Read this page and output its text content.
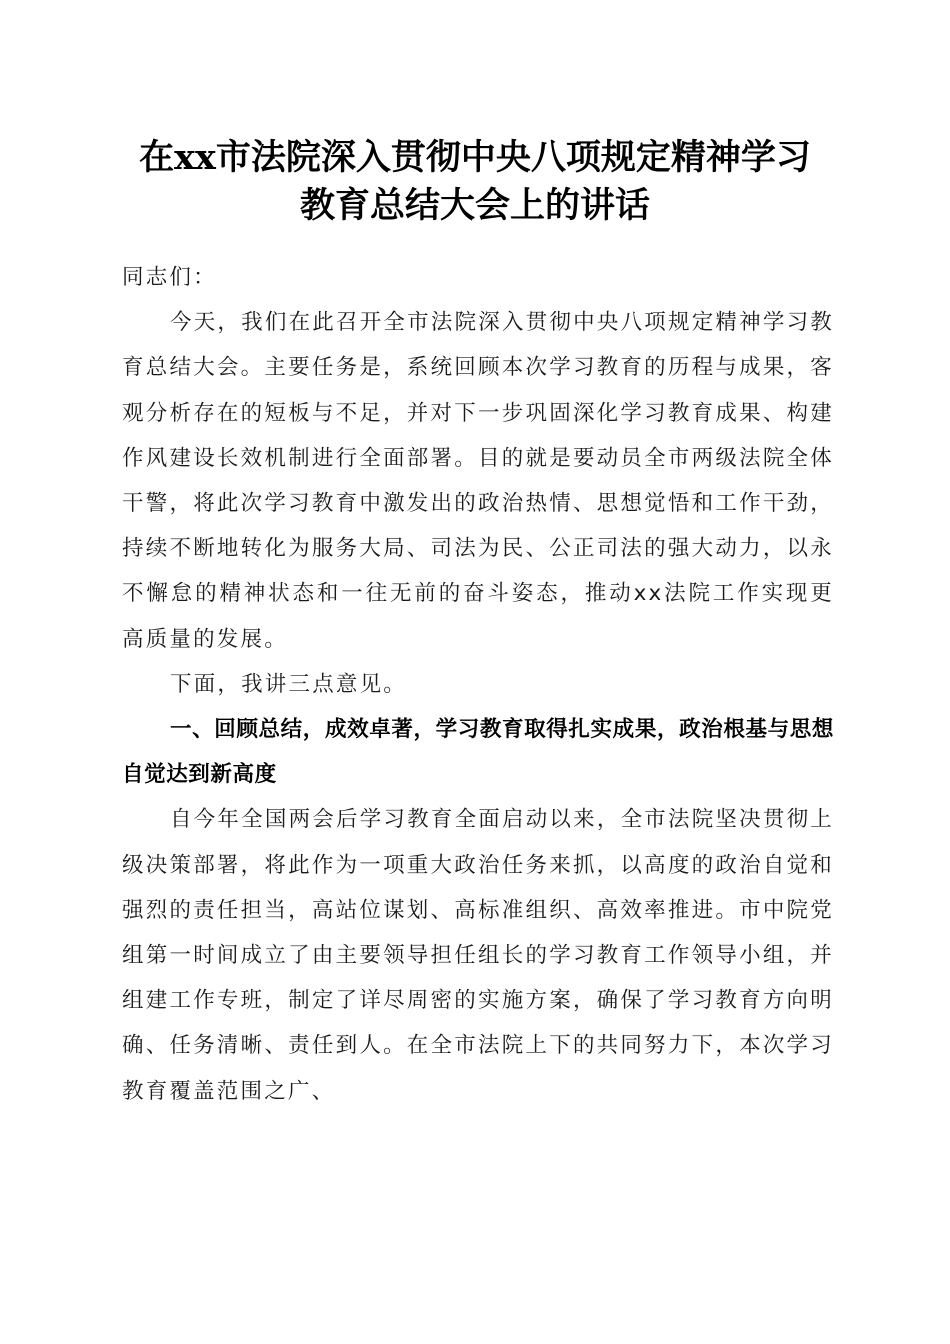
在xx市法院深入贯彻中央八项规定精神学习
教育总结大会上的讲话

同志们：

今天，我们在此召开全市法院深入贯彻中央八项规定精神学习教育总结大会。主要任务是，系统回顾本次学习教育的历程与成果，客观分析存在的短板与不足，并对下一步巩固深化学习教育成果、构建作风建设长效机制进行全面部署。目的就是要动员全市两级法院全体干警，将此次学习教育中激发出的政治热情、思想觉悟和工作干劲，持续不断地转化为服务大局、司法为民、公正司法的强大动力，以永不懈怠的精神状态和一往无前的奋斗姿态，推动xx法院工作实现更高质量的发展。

下面，我讲三点意见。

一、回顾总结，成效卓著，学习教育取得扎实成果，政治根基与思想自觉达到新高度

自今年全国两会后学习教育全面启动以来，全市法院坚决贯彻上级决策部署，将此作为一项重大政治任务来抓，以高度的政治自觉和强烈的责任担当，高站位谋划、高标准组织、高效率推进。市中院党组第一时间成立了由主要领导担任组长的学习教育工作领导小组，并组建工作专班，制定了详尽周密的实施方案，确保了学习教育方向明确、任务清晰、责任到人。在全市法院上下的共同努力下，本次学习教育覆盖范围之广、
